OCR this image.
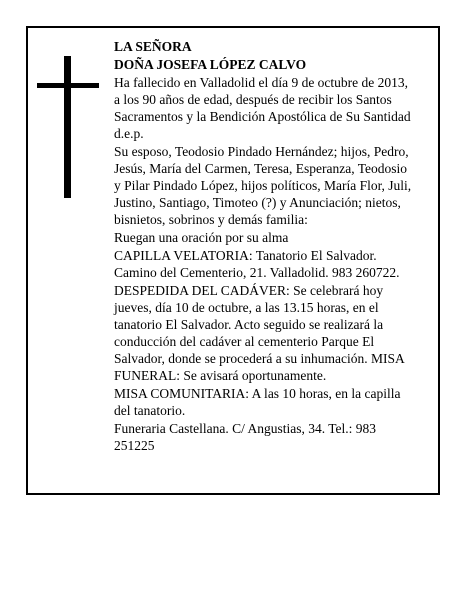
LA SEÑORA

DOÑA JOSEFA LÓPEZ CALVO

Ha fallecido en Valladolid el día 9 de octubre de 2013, a los 90 años de edad, después de recibir los Santos Sacramentos y la Bendición Apostólica de Su Santidad d.e.p.

Su esposo, Teodosio Pindado Hernández; hijos, Pedro, Jesús, María del Carmen, Teresa, Esperanza, Teodosio y Pilar Pindado López, hijos políticos, María Flor, Juli, Justino, Santiago, Timoteo (?) y Anunciación; nietos, bisnietos, sobrinos y demás familia:

Ruegan una oración por su alma

CAPILLA VELATORIA: Tanatorio El Salvador. Camino del Cementerio, 21. Valladolid. 983 260722.

DESPEDIDA DEL CADÁVER: Se celebrará hoy jueves, día 10 de octubre, a las 13.15 horas, en el tanatorio El Salvador. Acto seguido se realizará la conducción del cadáver al cementerio Parque El Salvador, donde se procederá a su inhumación. MISA FUNERAL: Se avisará oportunamente.

MISA COMUNITARIA: A las 10 horas, en la capilla del tanatorio.

Funeraria Castellana. C/ Angustias, 34. Tel.: 983 251225
